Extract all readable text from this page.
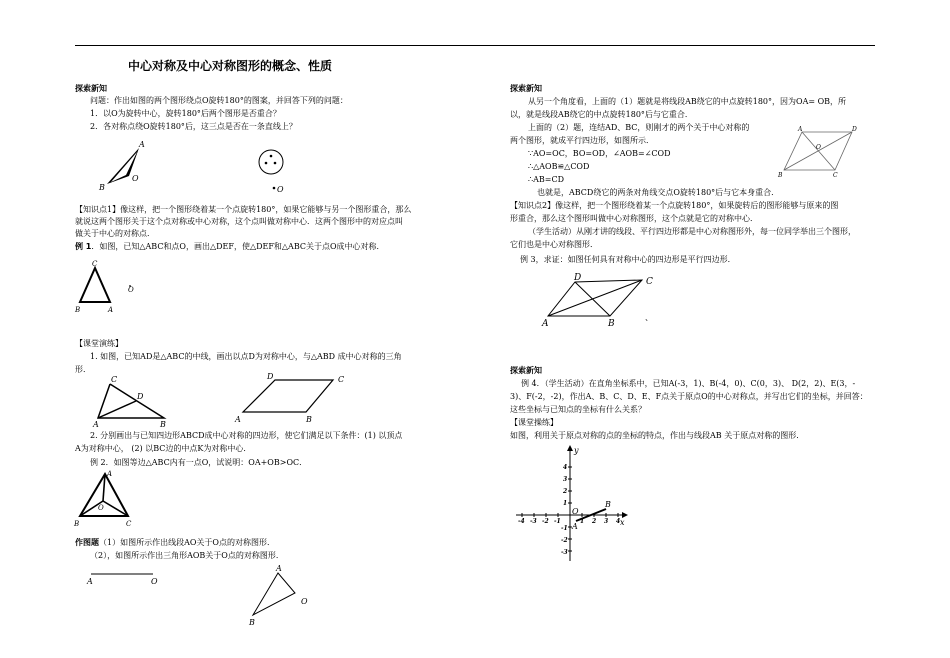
中心对称及中心对称图形的概念、性质
探索新知
问题：作出如图的两个图形绕点O旋转180°的图案，并回答下列的问题：
1．以O为旋转中心，旋转180°后两个图形是否重合？
2．各对称点绕O旋转180°后，这三点是否在一条直线上？
A
B
O
O
【知识点1】像这样，把一个图形绕着某一个点旋转180°，如果它能够与另一个图形重合，那么
就说这两个图形关于这个点对称或中心对称，这个点叫做对称中心．这两个图形中的对应点叫
做关于中心的对称点．
例 1．如图，已知△ABC和点O，画出△DEF，使△DEF和△ABC关于点O成中心对称．
C
B	A
O
【课堂演练】
1. 如图，已知AD是△ABC的中线，画出以点D为对称中心，与△ABD 成中心对称的三角
形．
C
D
A	B
D	C
A	B
2. 分别画出与已知四边形ABCD成中心对称的四边形，使它们满足以下条件：(1) 以顶点
A为对称中心， (2) 以BC边的中点K为对称中心．
例 2．如图等边△ABC内有一点O，试说明：OA+OB>OC．
A
O
B	C
作图题（1）如图所示作出线段AO关于O点的对称图形．
（2），如图所示作出三角形AOB关于O点的对称图形．
A	O
A
O
B
探索新知
从另一个角度看，上面的（1）题就是将线段AB绕它的中点旋转180°，因为OA= OB，所
以，就是线段AB绕它的中点旋转180°后与它重合．
上面的（2）题，连结AD、BC，则刚才的两个关于中心对称的
两个图形，就成平行四边形，如图所示．
∵AO=OC，BO=OD，∠AOB=∠COD
∴△AOB≌△COD
∴AB=CD
也就是，ABCD绕它的两条对角线交点O旋转180°后与它本身重合．
A	D
O
B	C
【知识点2】像这样，把一个图形绕着某一个点旋转180°，如果旋转后的图形能够与原来的图
形重合，那么这个图形叫做中心对称图形，这个点就是它的对称中心．
（学生活动）从刚才讲的线段、平行四边形都是中心对称图形外，每一位同学举出三个图形，
它们也是中心对称图形．
例 3，求证：如图任何具有对称中心的四边形是平行四边形．
D	C
A	B
、
探索新知
例 4．（学生活动）在直角坐标系中，已知A(-3，1)、B(-4，0)、C(0，3)、 D(2，2)、E(3，-
3)、F(-2，-2)，作出A、B、C、D、E、F点关于原点O的中心对称点，并写出它们的坐标，并回答：
这些坐标与已知点的坐标有什么关系？
【课堂操练】
如图，利用关于原点对称的点的坐标的特点，作出与线段AB 关于原点对称的图形．
-4 -3 -2 -1	1 2 3 4
4
3
2
1
-1
-2
-3
x
y
O
A
B
